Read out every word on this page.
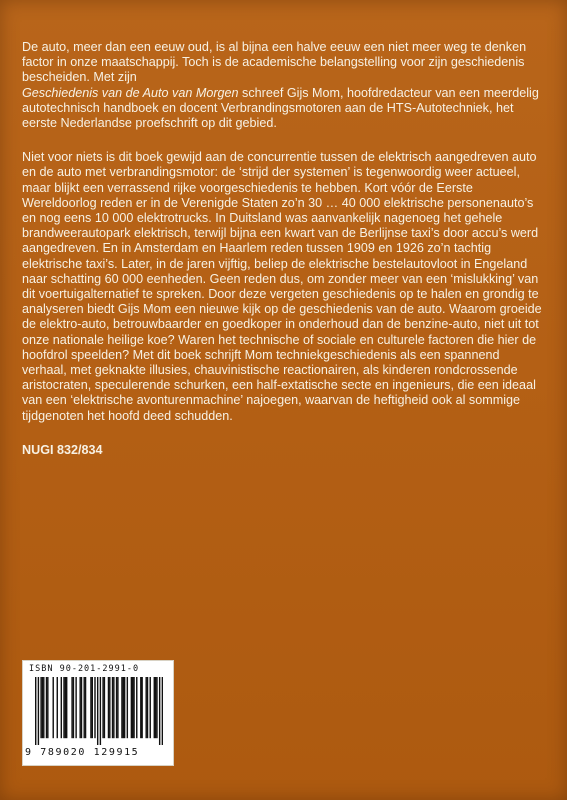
De auto, meer dan een eeuw oud, is al bijna een halve eeuw een niet meer weg te denken factor in onze maatschappij. Toch is de academische belangstelling voor zijn geschiedenis bescheiden. Met zijn
Geschiedenis van de Auto van Morgen schreef Gijs Mom, hoofdredacteur van een meerdelig autotechnisch handboek en docent Verbrandingsmotoren aan de HTS-Autotechniek, het eerste Nederlandse proefschrift op dit gebied.

Niet voor niets is dit boek gewijd aan de concurrentie tussen de elektrisch aangedreven auto en de auto met verbrandingsmotor: de ‘strijd der systemen’ is tegenwoordig weer actueel, maar blijkt een verrassend rijke voorgeschiedenis te hebben. Kort vóór de Eerste Wereldoorlog reden er in de Verenigde Staten zo’n 30 … 40 000 elektrische personenauto’s en nog eens 10 000 elektrotrucks. In Duitsland was aanvankelijk nagenoeg het gehele brandweerautopark elektrisch, terwijl bijna een kwart van de Berlijnse taxi’s door accu’s werd aangedreven. En in Amsterdam en Haarlem reden tussen 1909 en 1926 zo’n tachtig elektrische taxi’s. Later, in de jaren vijftig, beliep de elektrische bestelautovloot in Engeland naar schatting 60 000 eenheden. Geen reden dus, om zonder meer van een ‘mislukking’ van dit voertuigalternatief te spreken. Door deze vergeten geschiedenis op te halen en grondig te analyseren biedt Gijs Mom een nieuwe kijk op de geschiedenis van de auto. Waarom groeide de elektro-auto, betrouwbaarder en goedkoper in onderhoud dan de benzine-auto, niet uit tot onze nationale heilige koe? Waren het technische of sociale en culturele factoren die hier de hoofdrol speelden? Met dit boek schrijft Mom techniekgeschiedenis als een spannend verhaal, met geknakte illusies, chauvinistische reactionairen, als kinderen rondcrossende aristocraten, speculerende schurken, een half-extatische secte en ingenieurs, die een ideaal van een ‘elektrische avonturenmachine’ najoegen, waarvan de heftigheid ook al sommige tijdgenoten het hoofd deed schudden.

NUGI 832/834

ISBN 90-201-2991-0
9 789020 129915
